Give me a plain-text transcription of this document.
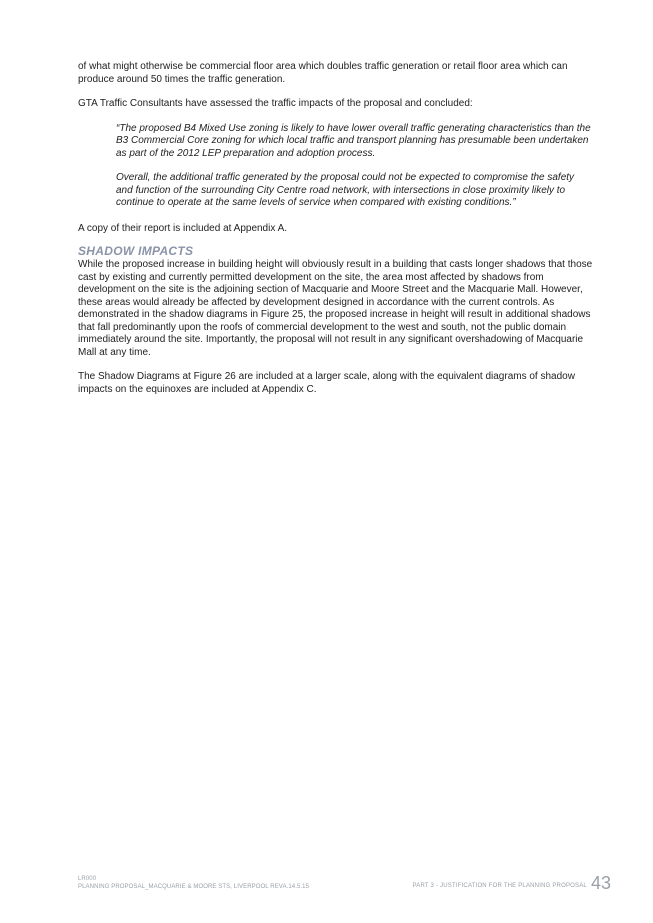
of what might otherwise be commercial floor area which doubles traffic generation or retail floor area which can produce around 50 times the traffic generation.

GTA Traffic Consultants have assessed the traffic impacts of the proposal and concluded:

“The proposed B4 Mixed Use zoning is likely to have lower overall traffic generating characteristics than the B3 Commercial Core zoning for which local traffic and transport planning has presumable been undertaken as part of the 2012 LEP preparation and adoption process.

Overall, the additional traffic generated by the proposal could not be expected to compromise the safety and function of the surrounding City Centre road network, with intersections in close proximity likely to continue to operate at the same levels of service when compared with existing conditions.”

A copy of their report is included at Appendix A.

SHADOW IMPACTS

While the proposed increase in building height will obviously result in a building that casts longer shadows that those cast by existing and currently permitted development on the site, the area most affected by shadows from development on the site is the adjoining section of Macquarie and Moore Street and the Macquarie Mall. However, these areas would already be affected by development designed in accordance with the current controls. As demonstrated in the shadow diagrams in Figure 25, the proposed increase in height will result in additional shadows that fall predominantly upon the roofs of commercial development to the west and south, not the public domain immediately around the site. Importantly, the proposal will not result in any significant overshadowing of Macquarie Mall at any time.

The Shadow Diagrams at Figure 26 are included at a larger scale, along with the equivalent diagrams of shadow impacts on the equinoxes are included at Appendix C.

LR000
PLANNING PROPOSAL_MACQUARIE & MOORE STS, LIVERPOOL REVA.14.5.15	PART 3 - JUSTIFICATION FOR THE PLANNING PROPOSAL 43
